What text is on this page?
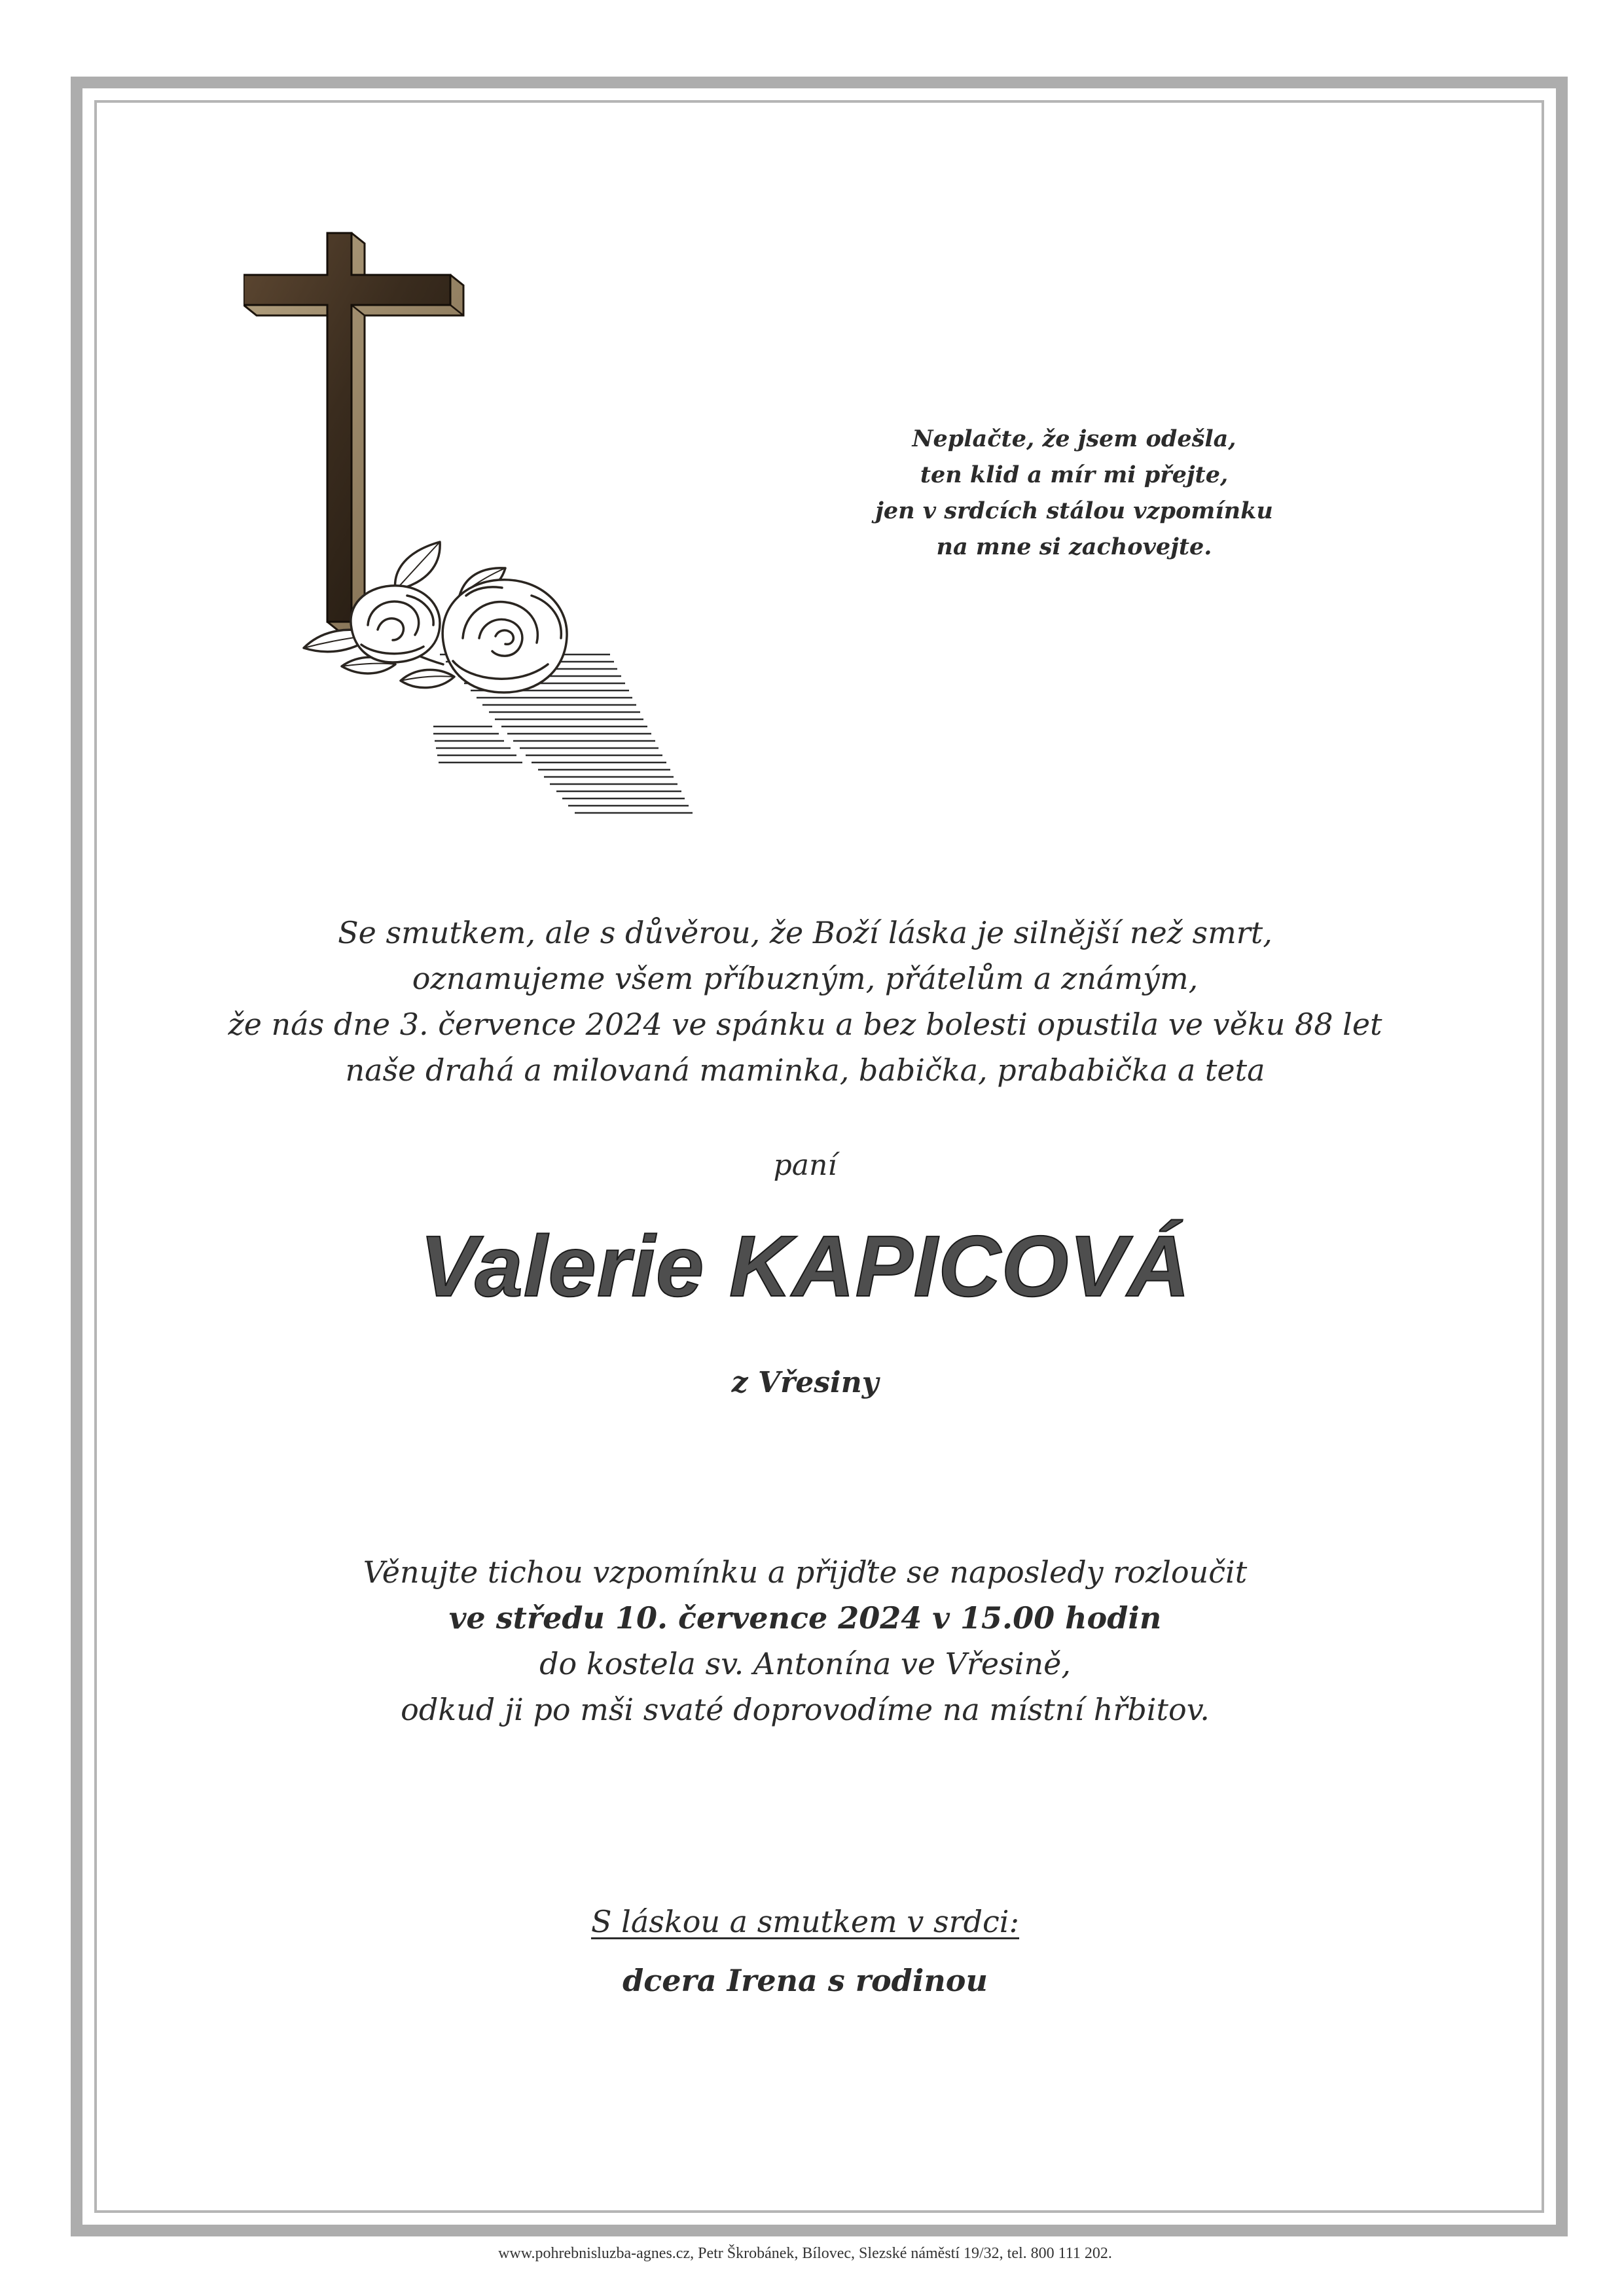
Neplačte, že jsem odešla,
ten klid a mír mi přejte,
jen v srdcích stálou vzpomínku
na mne si zachovejte.
Se smutkem, ale s důvěrou, že Boží láska je silnější než smrt,
oznamujeme všem příbuzným, přátelům a známým,
že nás dne 3. července 2024 ve spánku a bez bolesti opustila ve věku 88 let
naše drahá a milovaná maminka, babička, prababička a teta
paní
Valerie KAPICOVÁ
z Vřesiny
Věnujte tichou vzpomínku a přijďte se naposledy rozloučit
ve středu 10. července 2024 v 15.00 hodin
do kostela sv. Antonína ve Vřesině,
odkud ji po mši svaté doprovodíme na místní hřbitov.
S láskou a smutkem v srdci:
dcera Irena s rodinou
www.pohrebnisluzba-agnes.cz, Petr Škrobánek, Bílovec, Slezské náměstí 19/32, tel. 800 111 202.
